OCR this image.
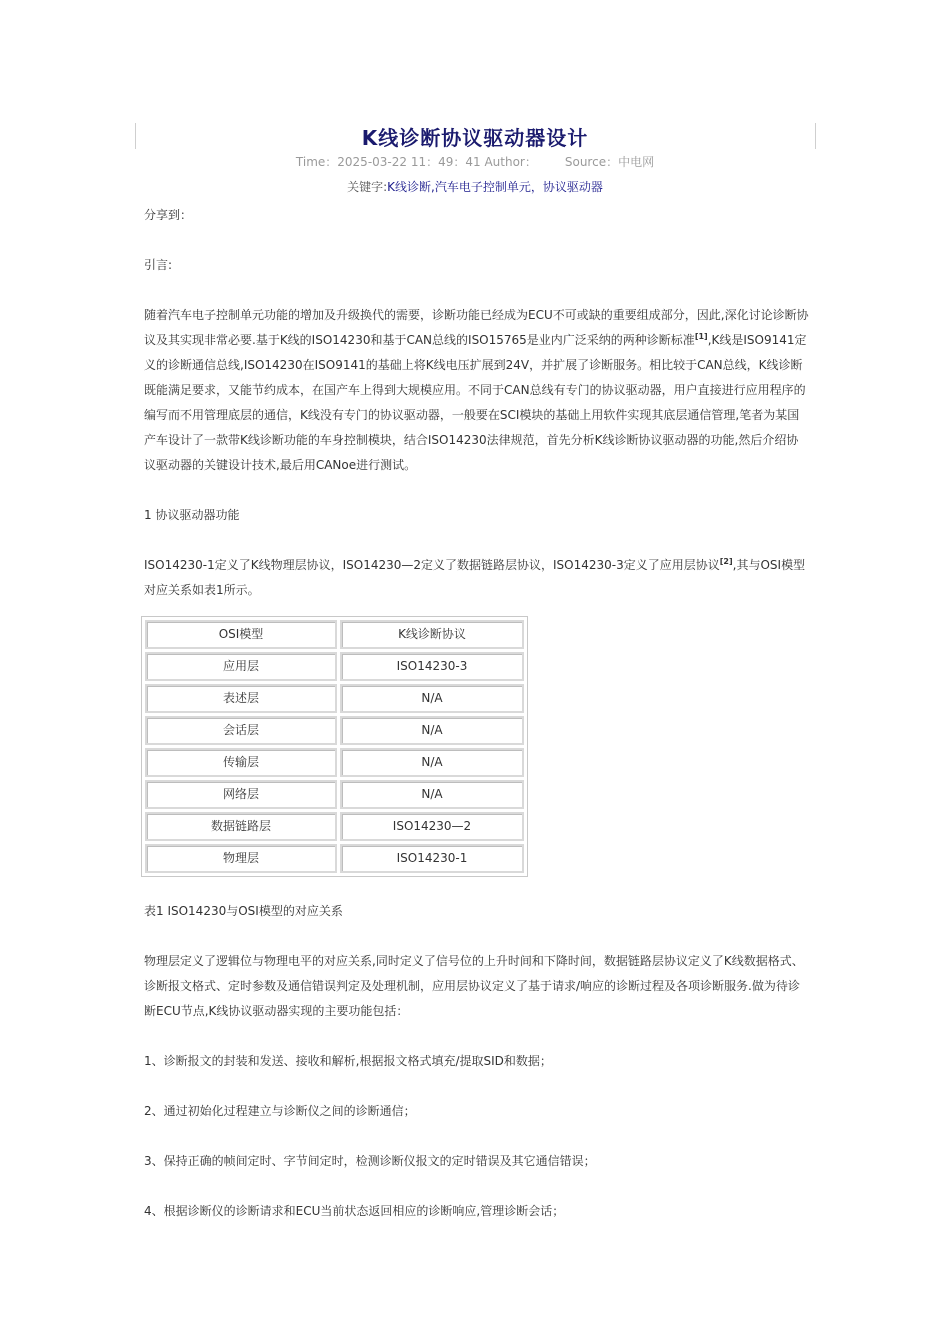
K线诊断协议驱动器设计
Time：2025-03-22 11：49：41 Author： Source：中电网
关键字:K线诊断,汽车电子控制单元，协议驱动器

分享到：

引言:

随着汽车电子控制单元功能的增加及升级换代的需要，诊断功能已经成为ECU不可或缺的重要组成部分，因此,深化讨论诊断协议及其实现非常必要.基于K线的ISO14230和基于CAN总线的ISO15765是业内广泛采纳的两种诊断标准[1],K线是ISO9141定义的诊断通信总线,ISO14230在ISO9141的基础上将K线电压扩展到24V，并扩展了诊断服务。相比较于CAN总线，K线诊断既能满足要求，又能节约成本，在国产车上得到大规模应用。不同于CAN总线有专门的协议驱动器，用户直接进行应用程序的编写而不用管理底层的通信，K线没有专门的协议驱动器，一般要在SCI模块的基础上用软件实现其底层通信管理,笔者为某国产车设计了一款带K线诊断功能的车身控制模块，结合ISO14230法律规范，首先分析K线诊断协议驱动器的功能,然后介绍协议驱动器的关键设计技术,最后用CANoe进行测试。

1 协议驱动器功能

ISO14230-1定义了K线物理层协议，ISO14230—2定义了数据链路层协议，ISO14230-3定义了应用层协议[2],其与OSI模型对应关系如表1所示。

OSI模型	K线诊断协议
应用层	ISO14230-3
表述层	N/A
会话层	N/A
传输层	N/A
网络层	N/A
数据链路层	ISO14230—2
物理层	ISO14230-1

表1 ISO14230与OSI模型的对应关系

物理层定义了逻辑位与物理电平的对应关系,同时定义了信号位的上升时间和下降时间，数据链路层协议定义了K线数据格式、诊断报文格式、定时参数及通信错误判定及处理机制，应用层协议定义了基于请求/响应的诊断过程及各项诊断服务.做为待诊断ECU节点,K线协议驱动器实现的主要功能包括：

1、诊断报文的封装和发送、接收和解析,根据报文格式填充/提取SID和数据；

2、通过初始化过程建立与诊断仪之间的诊断通信；

3、保持正确的帧间定时、字节间定时，检测诊断仪报文的定时错误及其它通信错误；

4、根据诊断仪的诊断请求和ECU当前状态返回相应的诊断响应,管理诊断会话；
